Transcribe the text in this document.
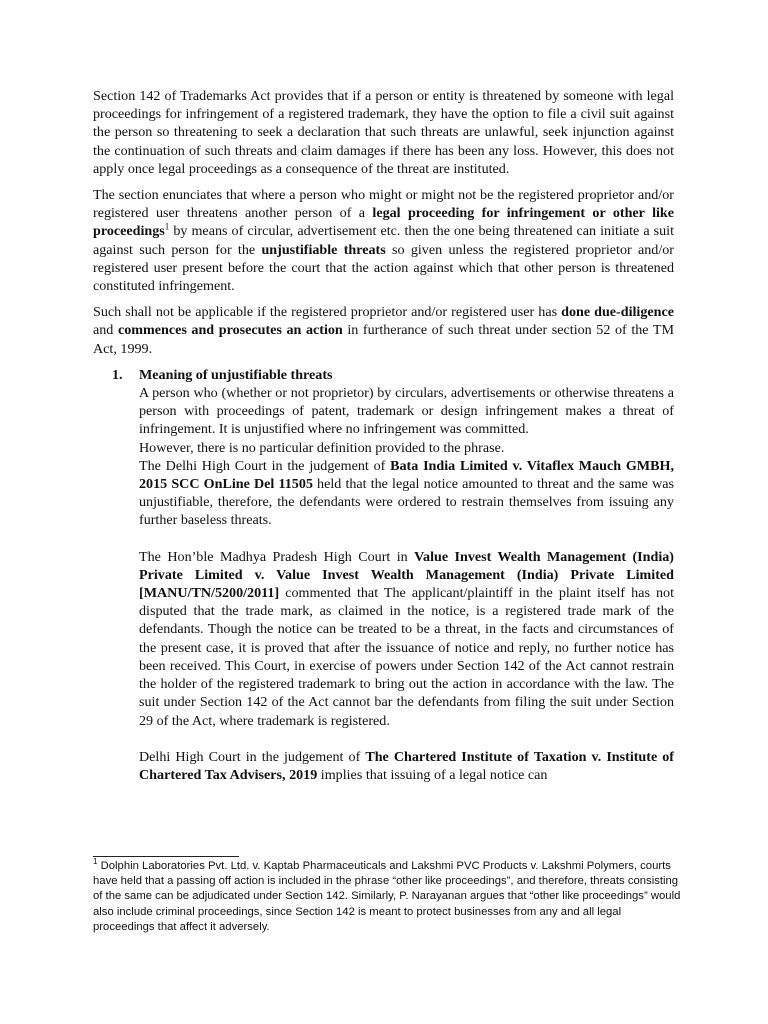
Section 142 of Trademarks Act provides that if a person or entity is threatened by someone with legal proceedings for infringement of a registered trademark, they have the option to file a civil suit against the person so threatening to seek a declaration that such threats are unlawful, seek injunction against the continuation of such threats and claim damages if there has been any loss. However, this does not apply once legal proceedings as a consequence of the threat are instituted.

The section enunciates that where a person who might or might not be the registered proprietor and/or registered user threatens another person of a legal proceeding for infringement or other like proceedings$^1$ by means of circular, advertisement etc. then the one being threatened can initiate a suit against such person for the unjustifiable threats so given unless the registered proprietor and/or registered user present before the court that the action against which that other person is threatened constituted infringement.

Such shall not be applicable if the registered proprietor and/or registered user has done due-diligence and commences and prosecutes an action in furtherance of such threat under section 52 of the TM Act, 1999.

1. Meaning of unjustifiable threats

A person who (whether or not proprietor) by circulars, advertisements or otherwise threatens a person with proceedings of patent, trademark or design infringement makes a threat of infringement. It is unjustified where no infringement was committed.

However, there is no particular definition provided to the phrase.

The Delhi High Court in the judgement of Bata India Limited v. Vitaflex Mauch GMBH, 2015 SCC OnLine Del 11505 held that the legal notice amounted to threat and the same was unjustifiable, therefore, the defendants were ordered to restrain themselves from issuing any further baseless threats.

The Hon’ble Madhya Pradesh High Court in Value Invest Wealth Management (India) Private Limited v. Value Invest Wealth Management (India) Private Limited [MANU/TN/5200/2011] commented that The applicant/plaintiff in the plaint itself has not disputed that the trade mark, as claimed in the notice, is a registered trade mark of the defendants. Though the notice can be treated to be a threat, in the facts and circumstances of the present case, it is proved that after the issuance of notice and reply, no further notice has been received. This Court, in exercise of powers under Section 142 of the Act cannot restrain the holder of the registered trademark to bring out the action in accordance with the law. The suit under Section 142 of the Act cannot bar the defendants from filing the suit under Section 29 of the Act, where trademark is registered.

Delhi High Court in the judgement of The Chartered Institute of Taxation v. Institute of Chartered Tax Advisers, 2019 implies that issuing of a legal notice can

$^1$ Dolphin Laboratories Pvt. Ltd. v. Kaptab Pharmaceuticals and Lakshmi PVC Products v. Lakshmi Polymers, courts have held that a passing off action is included in the phrase “other like proceedings”, and therefore, threats consisting of the same can be adjudicated under Section 142. Similarly, P. Narayanan argues that “other like proceedings” would also include criminal proceedings, since Section 142 is meant to protect businesses from any and all legal proceedings that affect it adversely.
